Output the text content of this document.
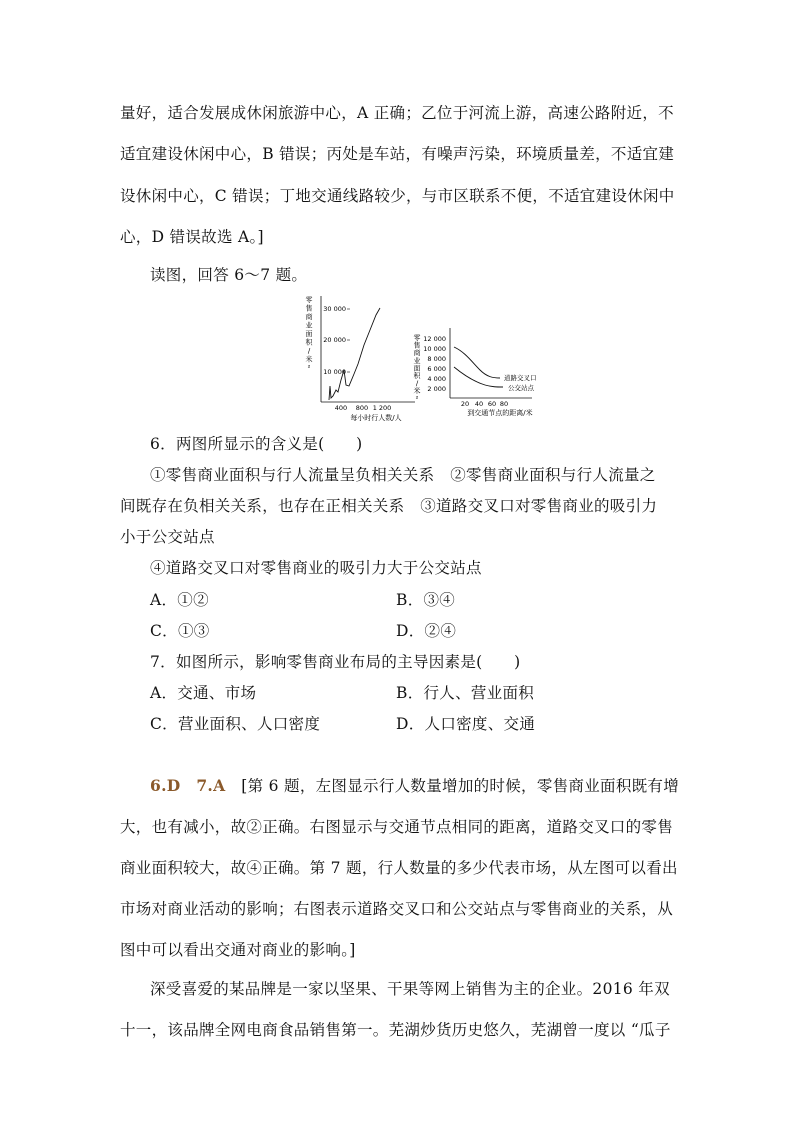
量好，适合发展成休闲旅游中心，A 正确；乙位于河流上游，高速公路附近，不
适宜建设休闲中心，B 错误；丙处是车站，有噪声污染，环境质量差，不适宜建
设休闲中心，C 错误；丁地交通线路较少，与市区联系不便，不适宜建设休闲中
心，D 错误故选 A。]
读图，回答 6～7 题。
零售商业面积/米 ²
30 000
20 000
10 000
400 800 1 200
每小时行人数/人
零售商业面积/米 ²
12 000
10 000
8 000
6 000
4 000
2 000
道路交叉口
公交站点
20 40 60 80
到交通节点的距离/米
6．两图所显示的含义是(　　)
①零售商业面积与行人流量呈负相关关系　②零售商业面积与行人流量之
间既存在负相关关系，也存在正相关关系　③道路交叉口对零售商业的吸引力
小于公交站点
④道路交叉口对零售商业的吸引力大于公交站点
A．①②	B．③④
C．①③	D．②④
7．如图所示，影响零售商业布局的主导因素是(　　)
A．交通、市场	B．行人、营业面积
C．营业面积、人口密度	D．人口密度、交通
6.D　7.A　 [第 6 题，左图显示行人数量增加的时候，零售商业面积既有增
大，也有减小，故②正确。右图显示与交通节点相同的距离，道路交叉口的零售
商业面积较大，故④正确。第 7 题，行人数量的多少代表市场，从左图可以看出
市场对商业活动的影响；右图表示道路交叉口和公交站点与零售商业的关系，从
图中可以看出交通对商业的影响。]
深受喜爱的某品牌是一家以坚果、干果等网上销售为主的企业。2016 年双
十一，该品牌全网电商食品销售第一。芜湖炒货历史悠久，芜湖曾一度以 “瓜子
